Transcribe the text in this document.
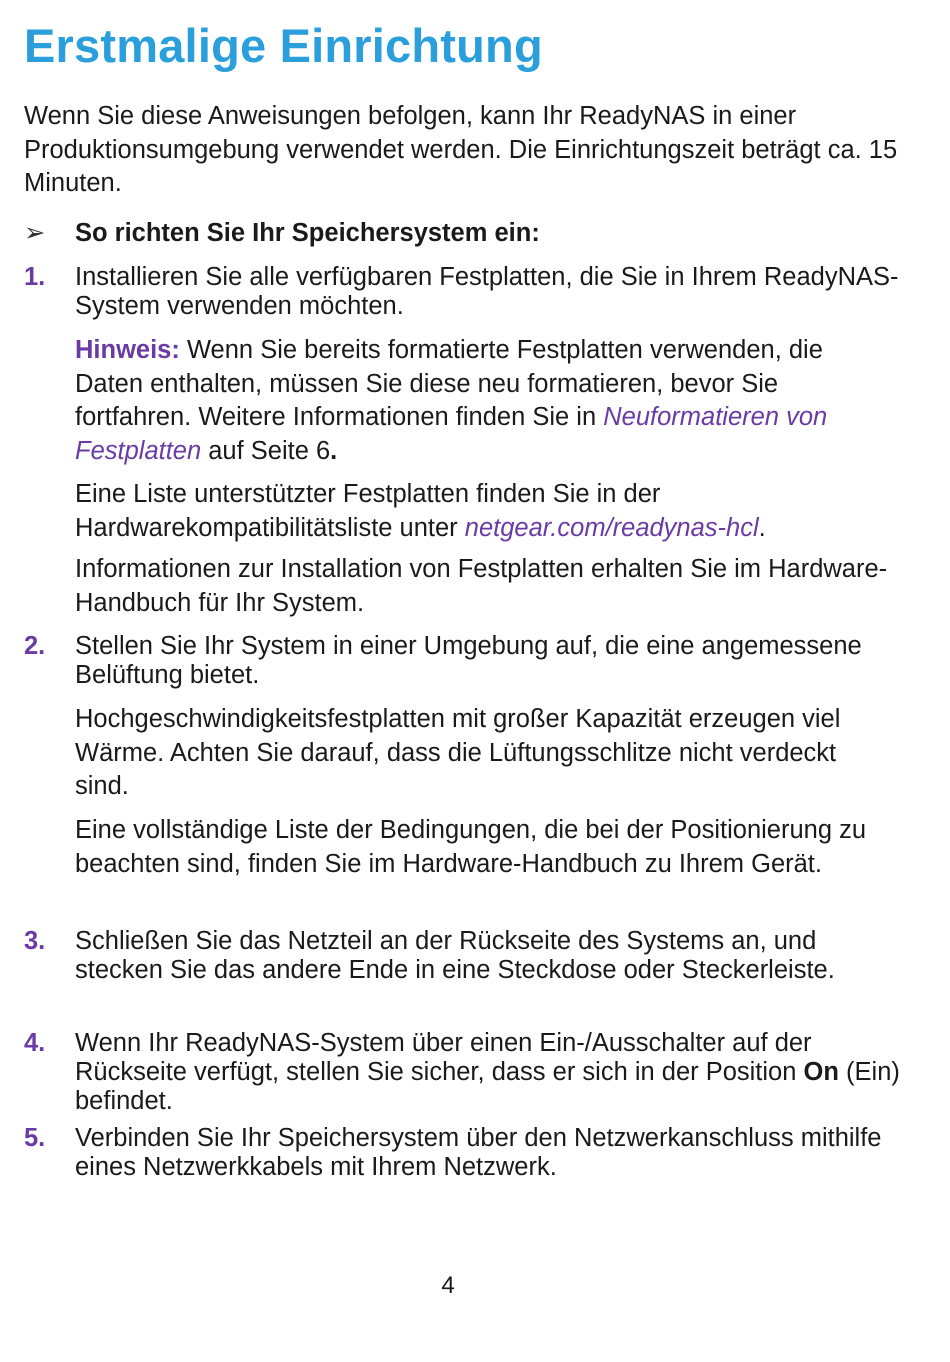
Erstmalige Einrichtung

Wenn Sie diese Anweisungen befolgen, kann Ihr ReadyNAS in einer Produktionsumgebung verwendet werden. Die Einrichtungszeit beträgt ca. 15 Minuten.

➢ So richten Sie Ihr Speichersystem ein:
1. Installieren Sie alle verfügbaren Festplatten, die Sie in Ihrem ReadyNAS-System verwenden möchten.
Hinweis: Wenn Sie bereits formatierte Festplatten verwenden, die Daten enthalten, müssen Sie diese neu formatieren, bevor Sie fortfahren. Weitere Informationen finden Sie in Neuformatieren von Festplatten auf Seite 6.
Eine Liste unterstützter Festplatten finden Sie in der Hardwarekompatibilitätsliste unter netgear.com/readynas-hcl.
Informationen zur Installation von Festplatten erhalten Sie im Hardware-Handbuch für Ihr System.
2. Stellen Sie Ihr System in einer Umgebung auf, die eine angemessene Belüftung bietet.
Hochgeschwindigkeitsfestplatten mit großer Kapazität erzeugen viel Wärme. Achten Sie darauf, dass die Lüftungsschlitze nicht verdeckt sind.
Eine vollständige Liste der Bedingungen, die bei der Positionierung zu beachten sind, finden Sie im Hardware-Handbuch zu Ihrem Gerät.
3. Schließen Sie das Netzteil an der Rückseite des Systems an, und stecken Sie das andere Ende in eine Steckdose oder Steckerleiste.
4. Wenn Ihr ReadyNAS-System über einen Ein-/Ausschalter auf der Rückseite verfügt, stellen Sie sicher, dass er sich in der Position On (Ein) befindet.
5. Verbinden Sie Ihr Speichersystem über den Netzwerkanschluss mithilfe eines Netzwerkkabels mit Ihrem Netzwerk.
4
